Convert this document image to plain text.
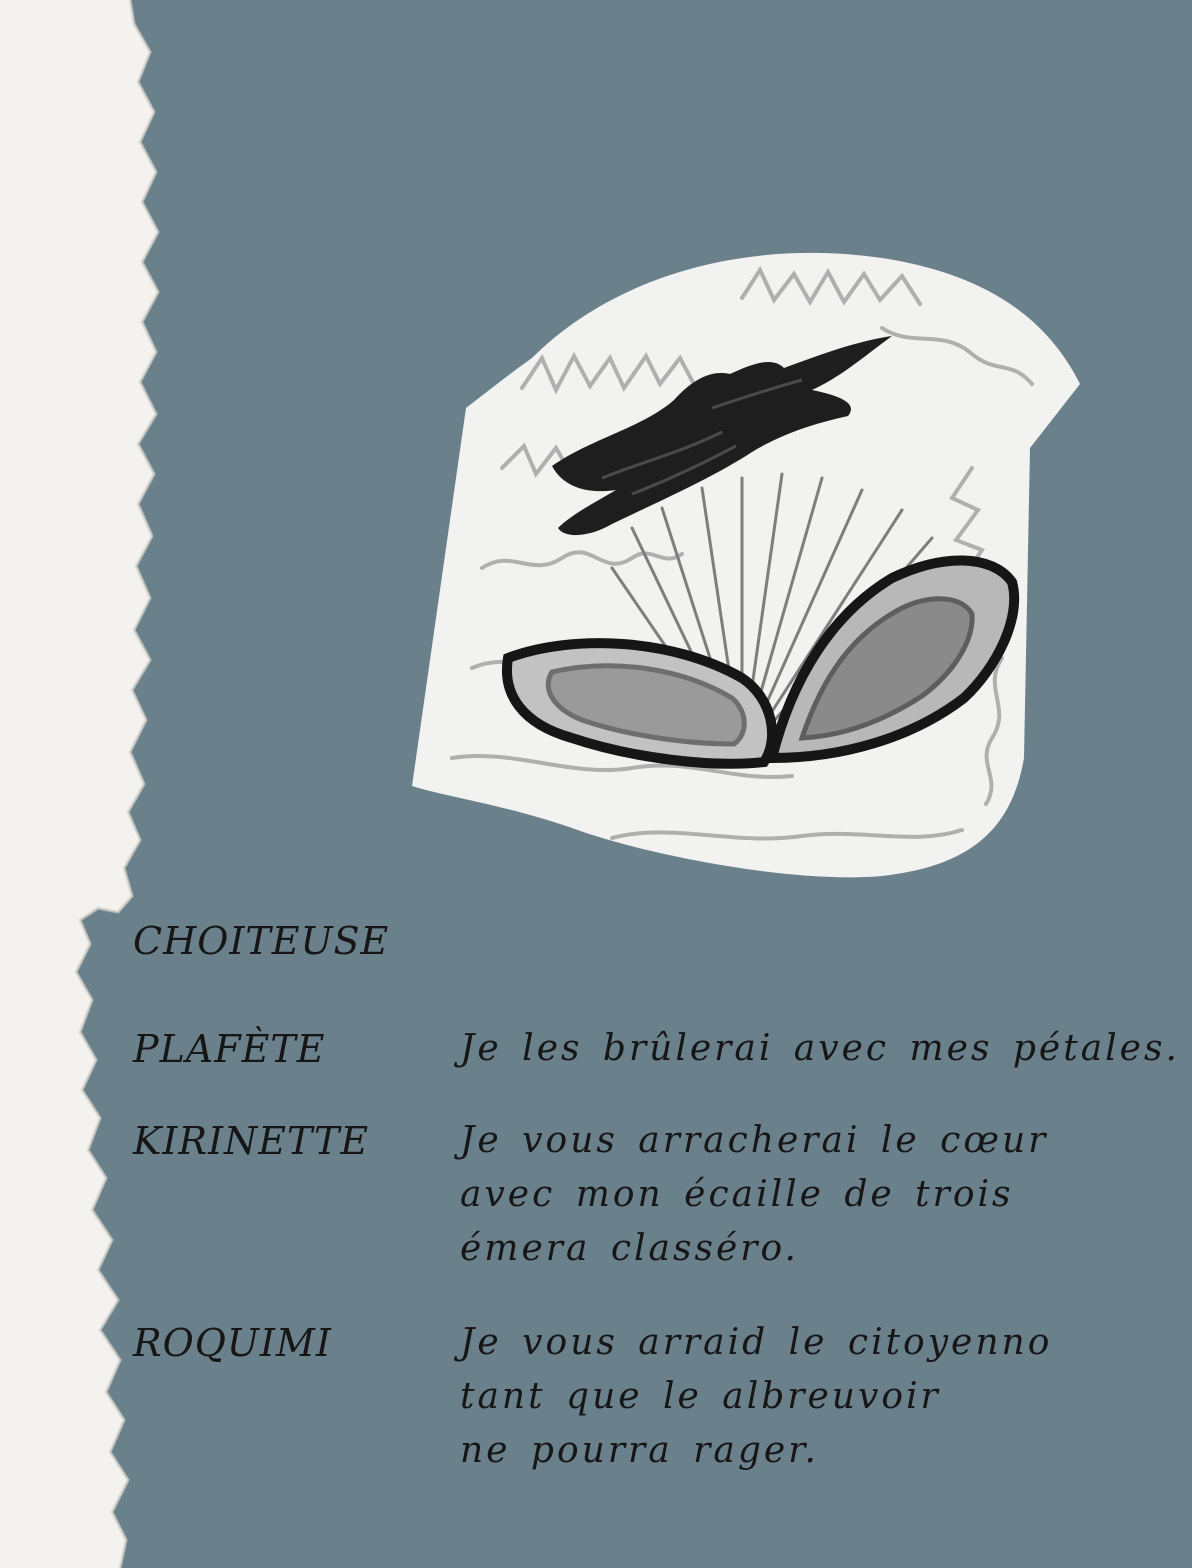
CHOITEUSE
PLAFÈTE	Je les brûlerai avec mes pétales.
KIRINETTE	Je vous arracherai le cœur
avec mon écaille de trois
émera classéro.
ROQUIMI	Je vous arraid le citoyenno
tant que le albreuvoir
ne pourra rager.
